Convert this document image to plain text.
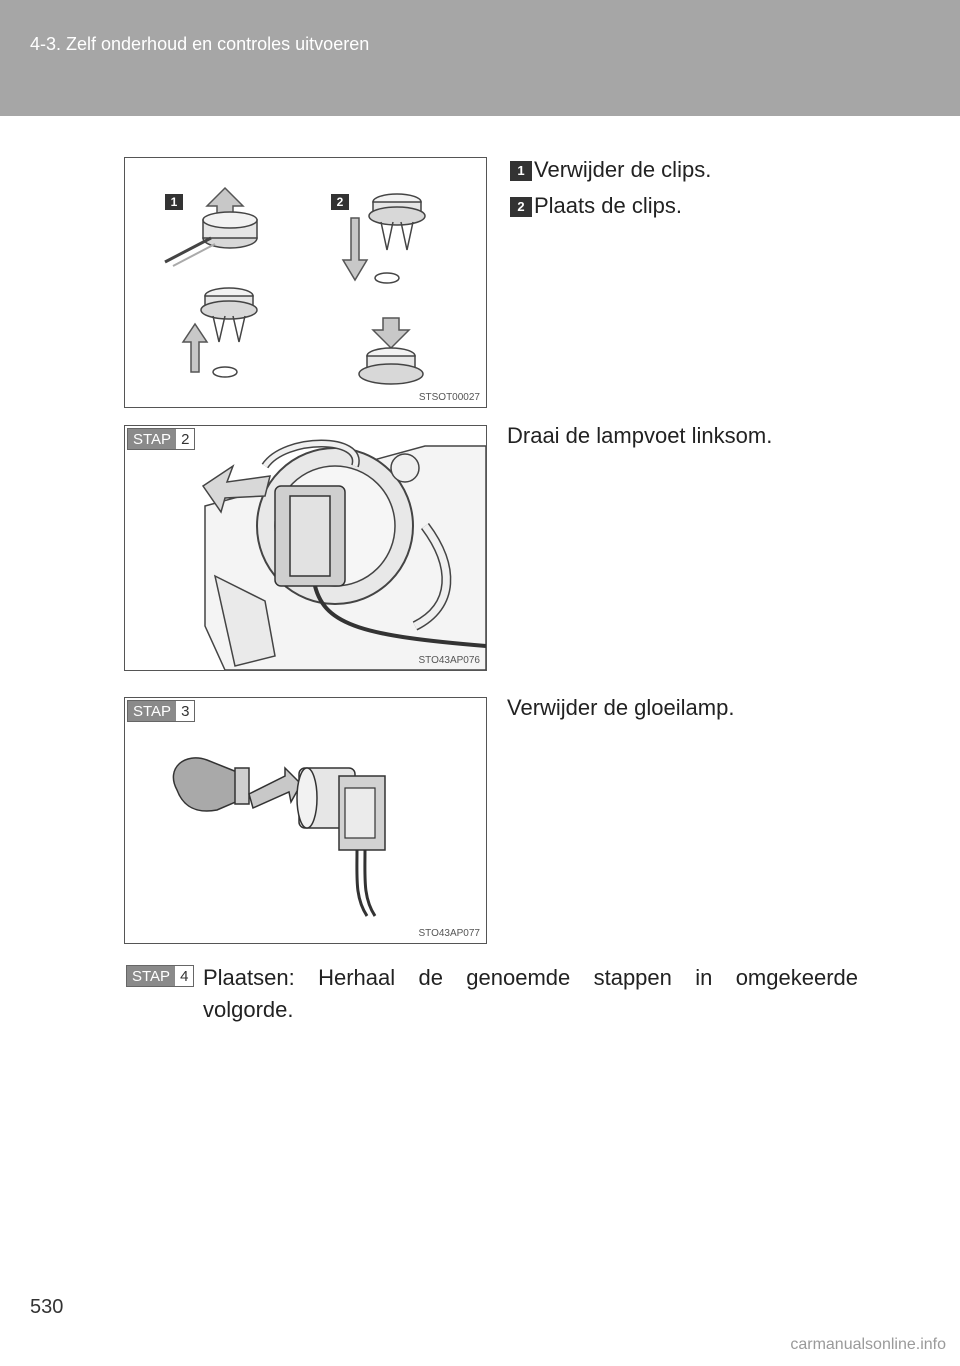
4-3. Zelf onderhoud en controles uitvoeren
1	2
STSOT00027
1 Verwijder de clips.
2 Plaats de clips.
STAP 2
STO43AP076
Draai de lampvoet linksom.
STAP 3
STO43AP077
Verwijder de gloeilamp.
STAP 4 Plaatsen: Herhaal de genoemde stappen in omgekeerde
volgorde.
530
carmanualsonline.info
